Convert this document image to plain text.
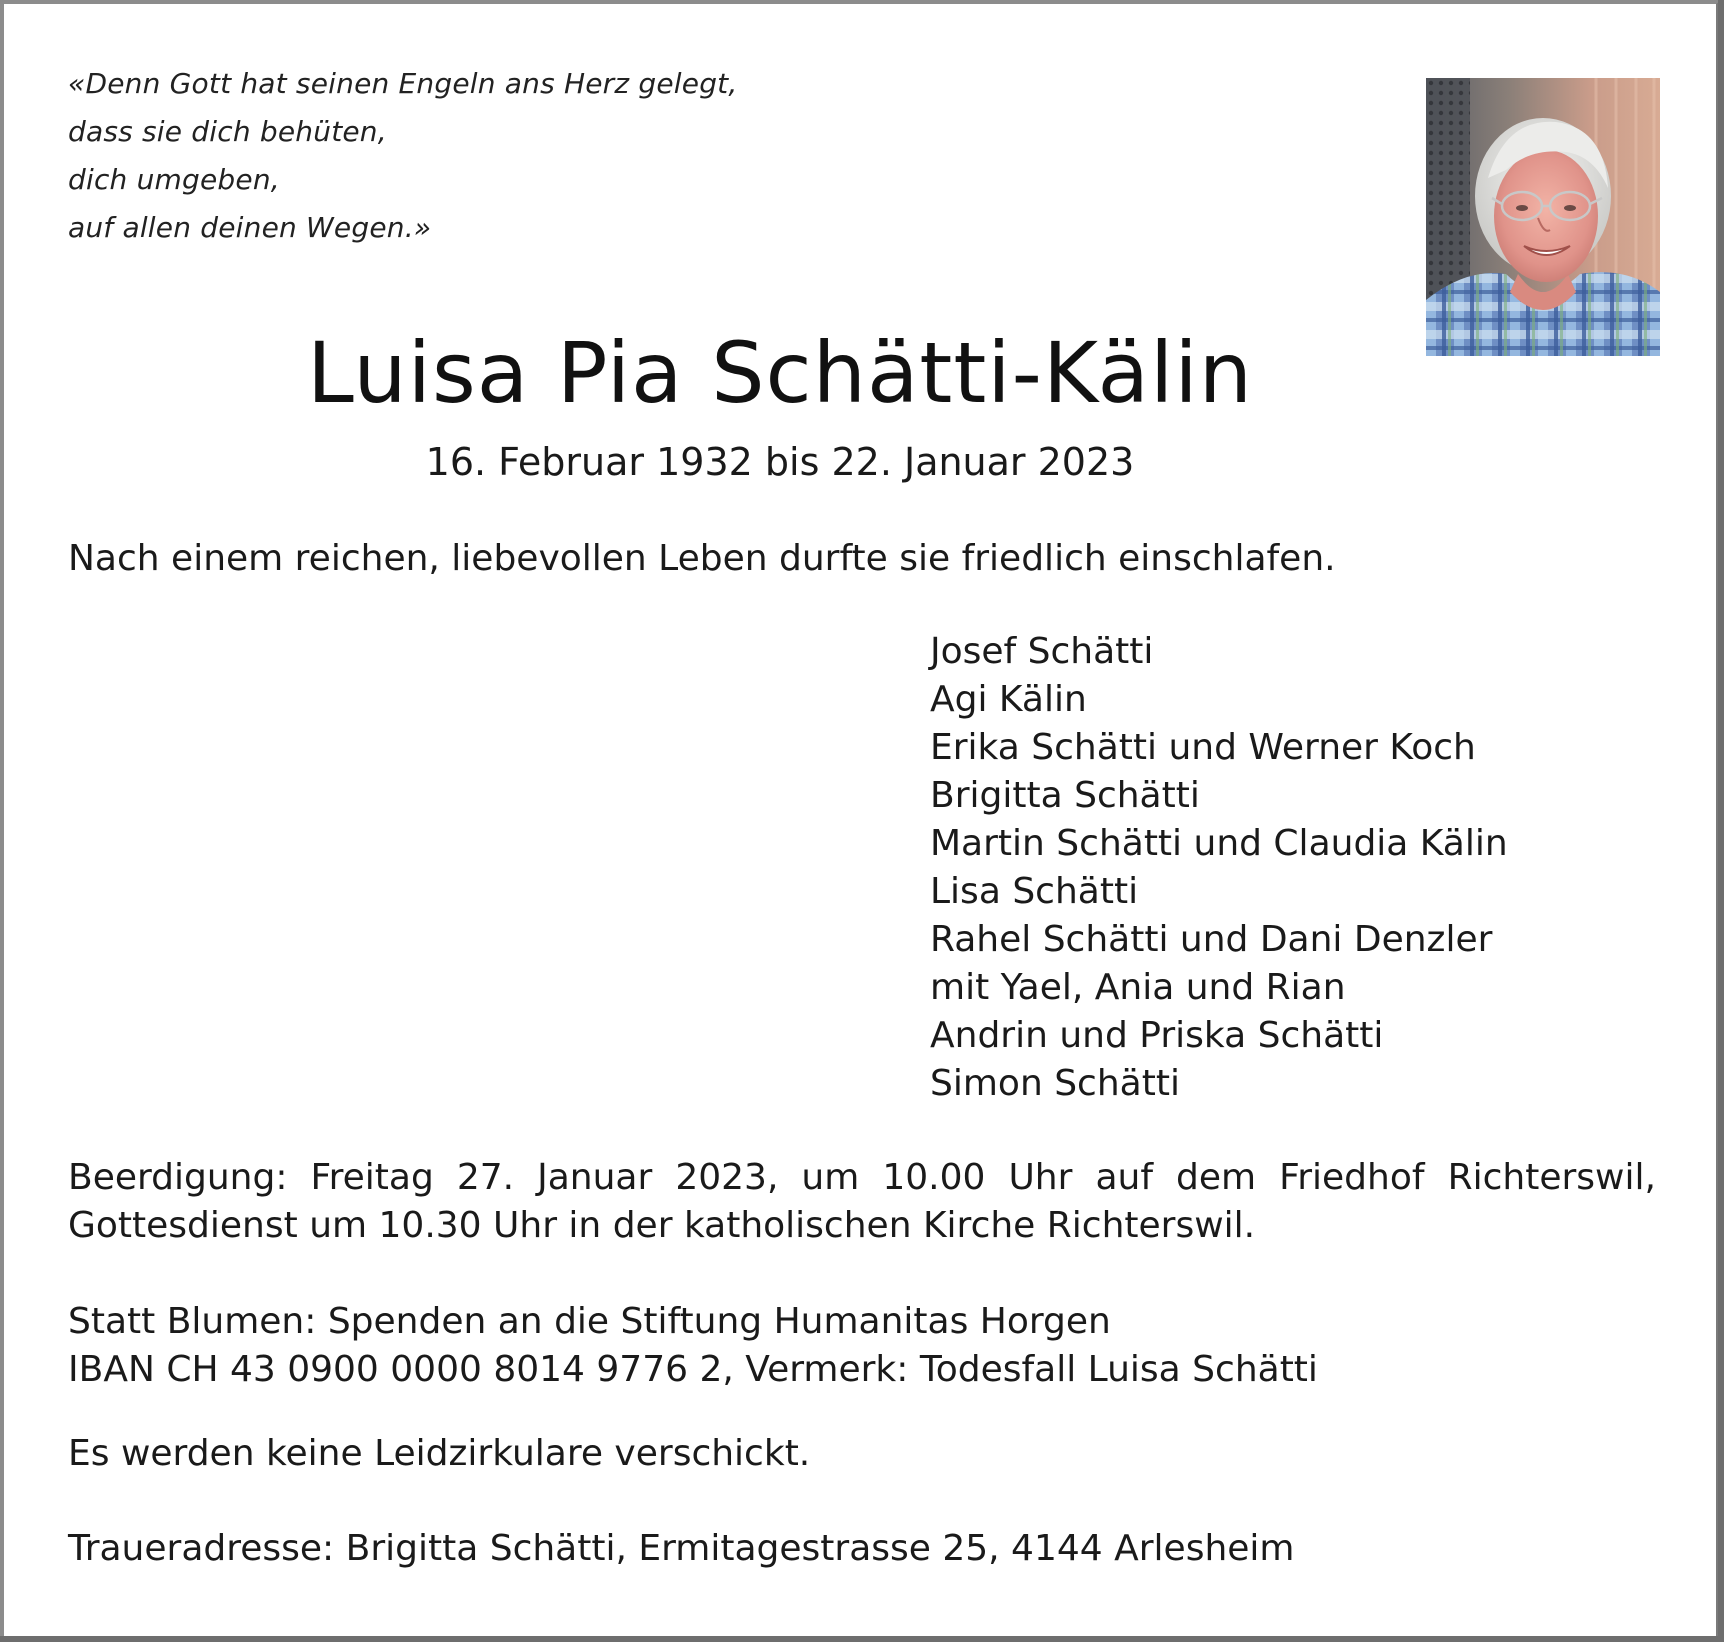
«Denn Gott hat seinen Engeln ans Herz gelegt,
dass sie dich behüten,
dich umgeben,
auf allen deinen Wegen.»
Luisa Pia Schätti-Kälin
16. Februar 1932 bis 22. Januar 2023
Nach einem reichen, liebevollen Leben durfte sie friedlich einschlafen.
Josef Schätti
Agi Kälin
Erika Schätti und Werner Koch
Brigitta Schätti
Martin Schätti und Claudia Kälin
Lisa Schätti
Rahel Schätti und Dani Denzler
mit Yael, Ania und Rian
Andrin und Priska Schätti
Simon Schätti
Beerdigung: Freitag 27. Januar 2023, um 10.00 Uhr auf dem Friedhof Richterswil,
Gottesdienst um 10.30 Uhr in der katholischen Kirche Richterswil.
Statt Blumen: Spenden an die Stiftung Humanitas Horgen
IBAN CH 43 0900 0000 8014 9776 2, Vermerk: Todesfall Luisa Schätti
Es werden keine Leidzirkulare verschickt.
Traueradresse: Brigitta Schätti, Ermitagestrasse 25, 4144 Arlesheim
